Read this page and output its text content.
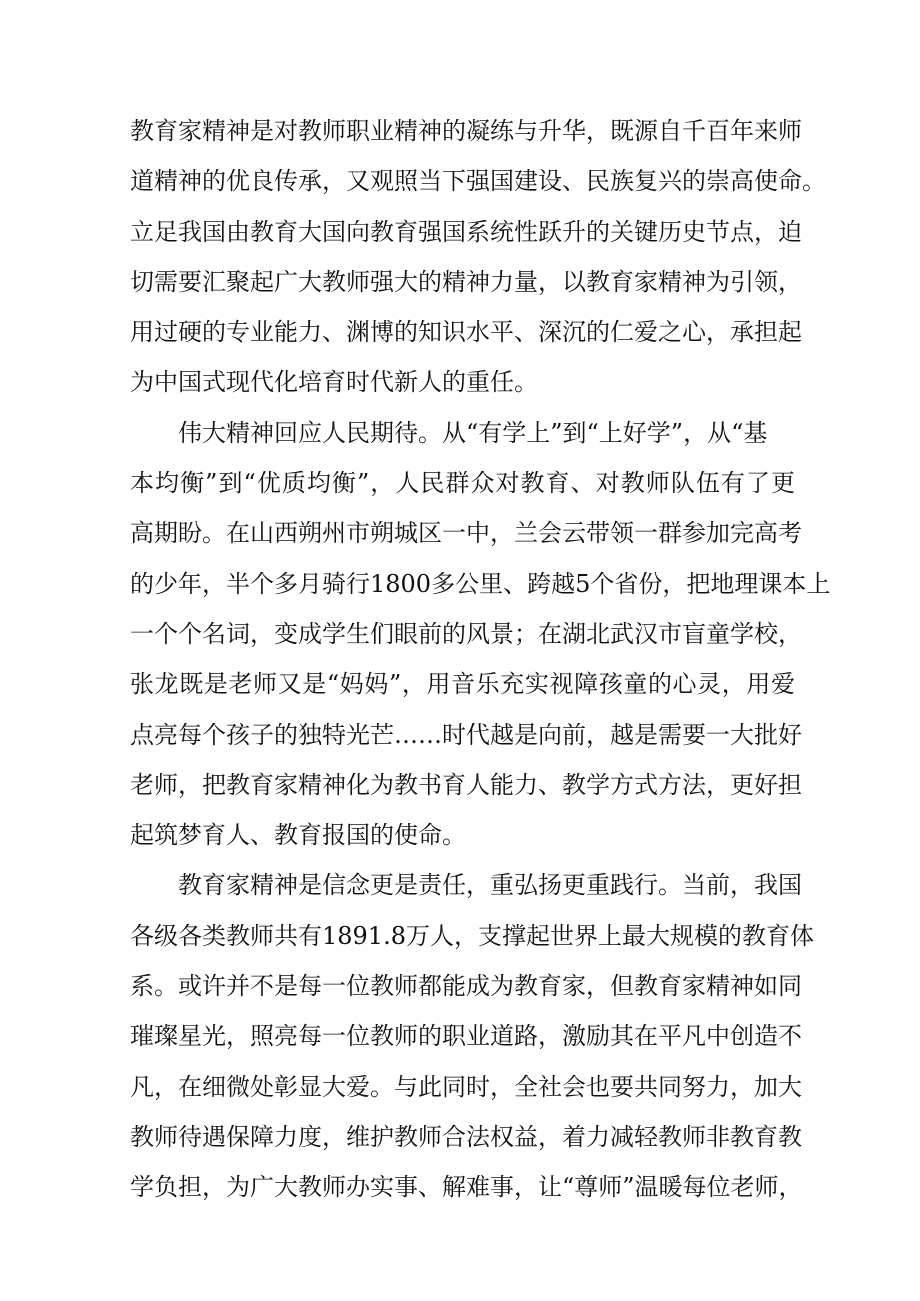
教育家精神是对教师职业精神的凝练与升华，既源自千百年来师
道精神的优良传承，又观照当下强国建设、民族复兴的崇高使命。
立足我国由教育大国向教育强国系统性跃升的关键历史节点，迫
切需要汇聚起广大教师强大的精神力量，以教育家精神为引领，
用过硬的专业能力、渊博的知识水平、深沉的仁爱之心，承担起
为中国式现代化培育时代新人的重任。
伟大精神回应人民期待。从“有学上”到“上好学”，从“基
本均衡”到“优质均衡”，人民群众对教育、对教师队伍有了更
高期盼。在山西朔州市朔城区一中，兰会云带领一群参加完高考
的少年，半个多月骑行1800多公里、跨越5个省份，把地理课本上
一个个名词，变成学生们眼前的风景；在湖北武汉市盲童学校，
张龙既是老师又是“妈妈”，用音乐充实视障孩童的心灵，用爱
点亮每个孩子的独特光芒……时代越是向前，越是需要一大批好
老师，把教育家精神化为教书育人能力、教学方式方法，更好担
起筑梦育人、教育报国的使命。
教育家精神是信念更是责任，重弘扬更重践行。当前，我国
各级各类教师共有1891.8万人，支撑起世界上最大规模的教育体
系。或许并不是每一位教师都能成为教育家，但教育家精神如同
璀璨星光，照亮每一位教师的职业道路，激励其在平凡中创造不
凡，在细微处彰显大爱。与此同时，全社会也要共同努力，加大
教师待遇保障力度，维护教师合法权益，着力减轻教师非教育教
学负担，为广大教师办实事、解难事，让“尊师”温暖每位老师，
